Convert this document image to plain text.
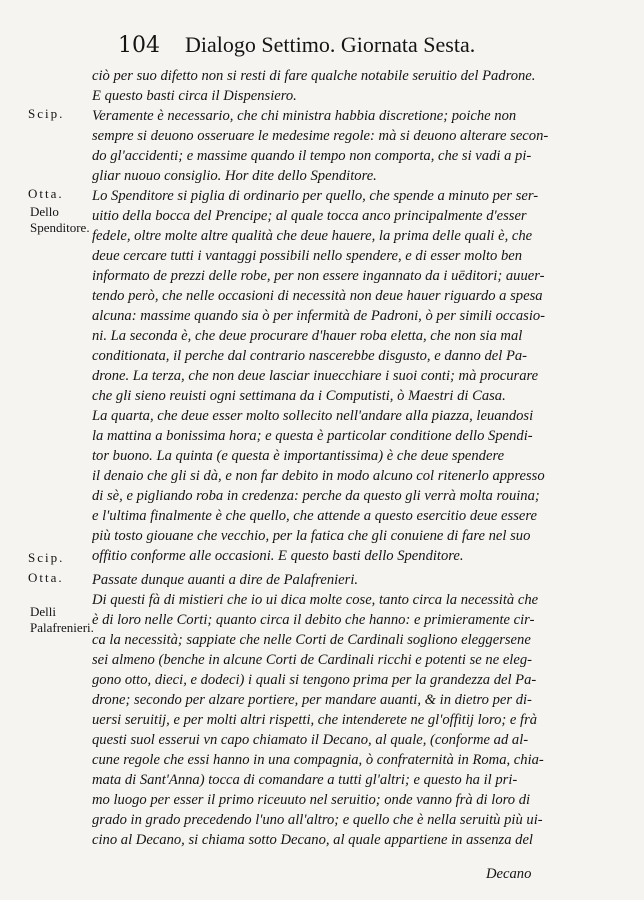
104 Dialogo Settimo. Giornata Sesta.
Scip.
Otta.
Scip.
Otta.
Dello Spenditore.
Delli Palafrenieri.
ciò per suo difetto non si resti di fare qualche notabile seruitio del Padrone.
E questo basti circa il Dispensiero.
Veramente è necessario, che chi ministra habbia discretione; poiche non
sempre si deuono osseruare le medesime regole: mà si deuono alterare secon-
do gl'accidenti; e massime quando il tempo non comporta, che si vadi a pi-
gliar nuouo consiglio. Hor dite dello Spenditore.
Lo Spenditore si piglia di ordinario per quello, che spende a minuto per ser-
uitio della bocca del Prencipe; al quale tocca anco principalmente d'esser
fedele, oltre molte altre qualità che deue hauere, la prima delle quali è, che
deue cercare tutti i vantaggi possibili nello spendere, e di esser molto ben
informato de prezzi delle robe, per non essere ingannato da i uēditori; auuer-
tendo però, che nelle occasioni di necessità non deue hauer riguardo a spesa
alcuna: massime quando sia ò per infermità de Padroni, ò per simili occasio-
ni. La seconda è, che deue procurare d'hauer roba eletta, che non sia mal
conditionata, il perche dal contrario nascerebbe disgusto, e danno del Pa-
drone. La terza, che non deue lasciar inuecchiare i suoi conti; mà procurare
che gli sieno reuisti ogni settimana da i Computisti, ò Maestri di Casa.
La quarta, che deue esser molto sollecito nell'andare alla piazza, leuandosi
la mattina a bonissima hora; e questa è particolar conditione dello Spendi-
tor buono. La quinta (e questa è importantissima) è che deue spendere
il denaio che gli si dà, e non far debito in modo alcuno col ritenerlo appresso
di sè, e pigliando roba in credenza: perche da questo gli verrà molta rouina;
e l'ultima finalmente è che quello, che attende a questo esercitio deue essere
più tosto giouane che vecchio, per la fatica che gli conuiene di fare nel suo
offitio conforme alle occasioni. E questo basti dello Spenditore.
Passate dunque auanti a dire de Palafrenieri.
Di questi fà di mistieri che io ui dica molte cose, tanto circa la necessità che
è di loro nelle Corti; quanto circa il debito che hanno: e primieramente cir-
ca la necessità; sappiate che nelle Corti de Cardinali sogliono eleggersene
sei almeno (benche in alcune Corti de Cardinali ricchi e potenti se ne eleg-
gono otto, dieci, e dodeci) i quali si tengono prima per la grandezza del Pa-
drone; secondo per alzare portiere, per mandare auanti, & in dietro per di-
uersi seruitij, e per molti altri rispetti, che intenderete ne gl'offitij loro; e frà
questi suol esserui vn capo chiamato il Decano, al quale, (conforme ad al-
cune regole che essi hanno in una compagnia, ò confraternità in Roma, chia-
mata di Sant'Anna) tocca di comandare a tutti gl'altri; e questo ha il pri-
mo luogo per esser il primo riceuuto nel seruitio; onde vanno frà di loro di
grado in grado precedendo l'uno all'altro; e quello che è nella seruitù più ui-
cino al Decano, si chiama sotto Decano, al quale appartiene in assenza del
Decano
